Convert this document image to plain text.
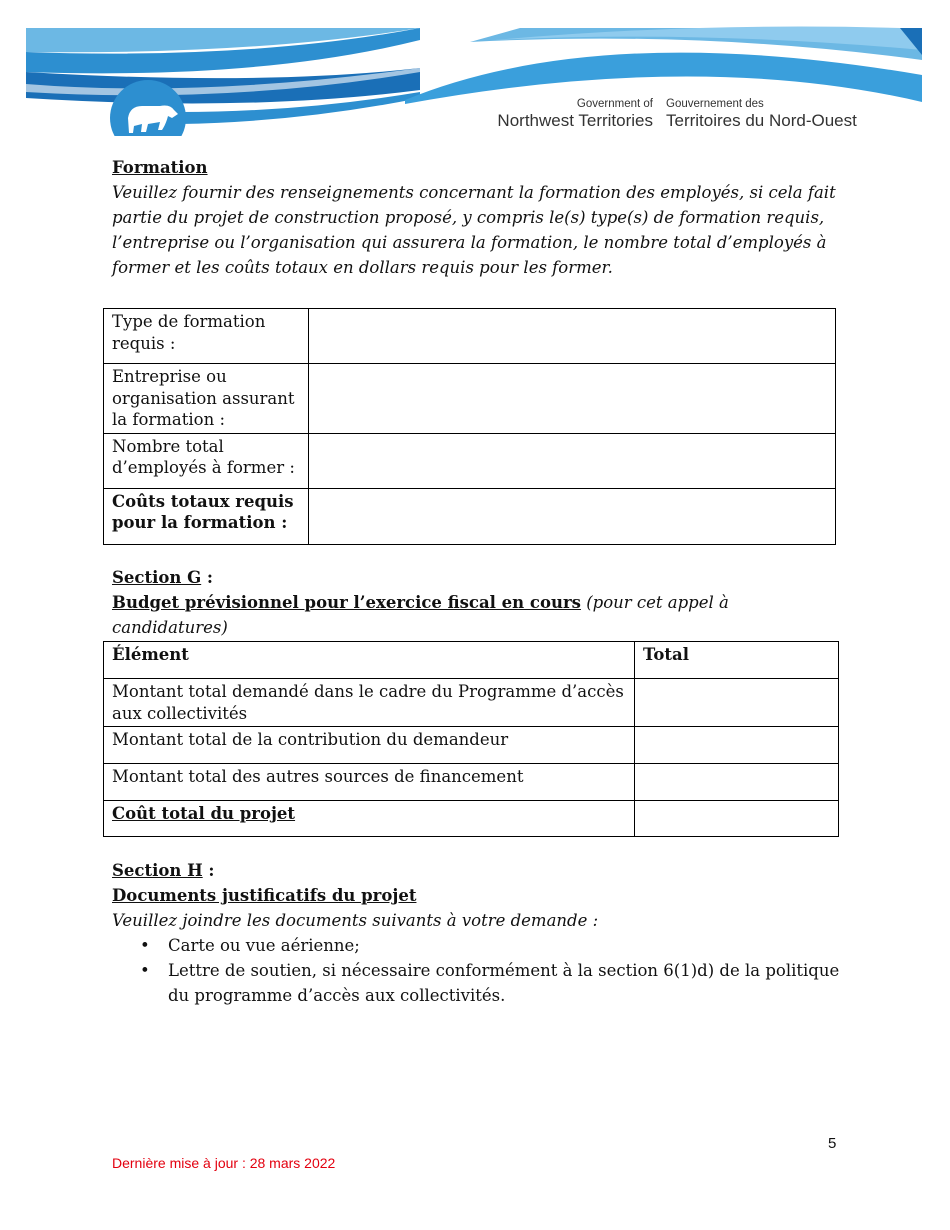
Government of
Northwest Territories
Gouvernement des
Territoires du Nord-Ouest
Formation
Veuillez fournir des renseignements concernant la formation des employés, si cela fait partie du projet de construction proposé, y compris le(s) type(s) de formation requis, l’entreprise ou l’organisation qui assurera la formation, le nombre total d’employés à former et les coûts totaux en dollars requis pour les former.
Type de formation requis :	
Entreprise ou organisation assurant la formation :	
Nombre total d’employés à former :	
Coûts totaux requis pour la formation :	
Section G :
Budget prévisionnel pour l’exercice fiscal en cours (pour cet appel à candidatures)
Élément	Total
Montant total demandé dans le cadre du Programme d’accès aux collectivités	
Montant total de la contribution du demandeur	
Montant total des autres sources de financement	
Coût total du projet	
Section H :
Documents justificatifs du projet
Veuillez joindre les documents suivants à votre demande :
• Carte ou vue aérienne;
• Lettre de soutien, si nécessaire conformément à la section 6(1)d) de la politique du programme d’accès aux collectivités.
5
Dernière mise à jour : 28 mars 2022
